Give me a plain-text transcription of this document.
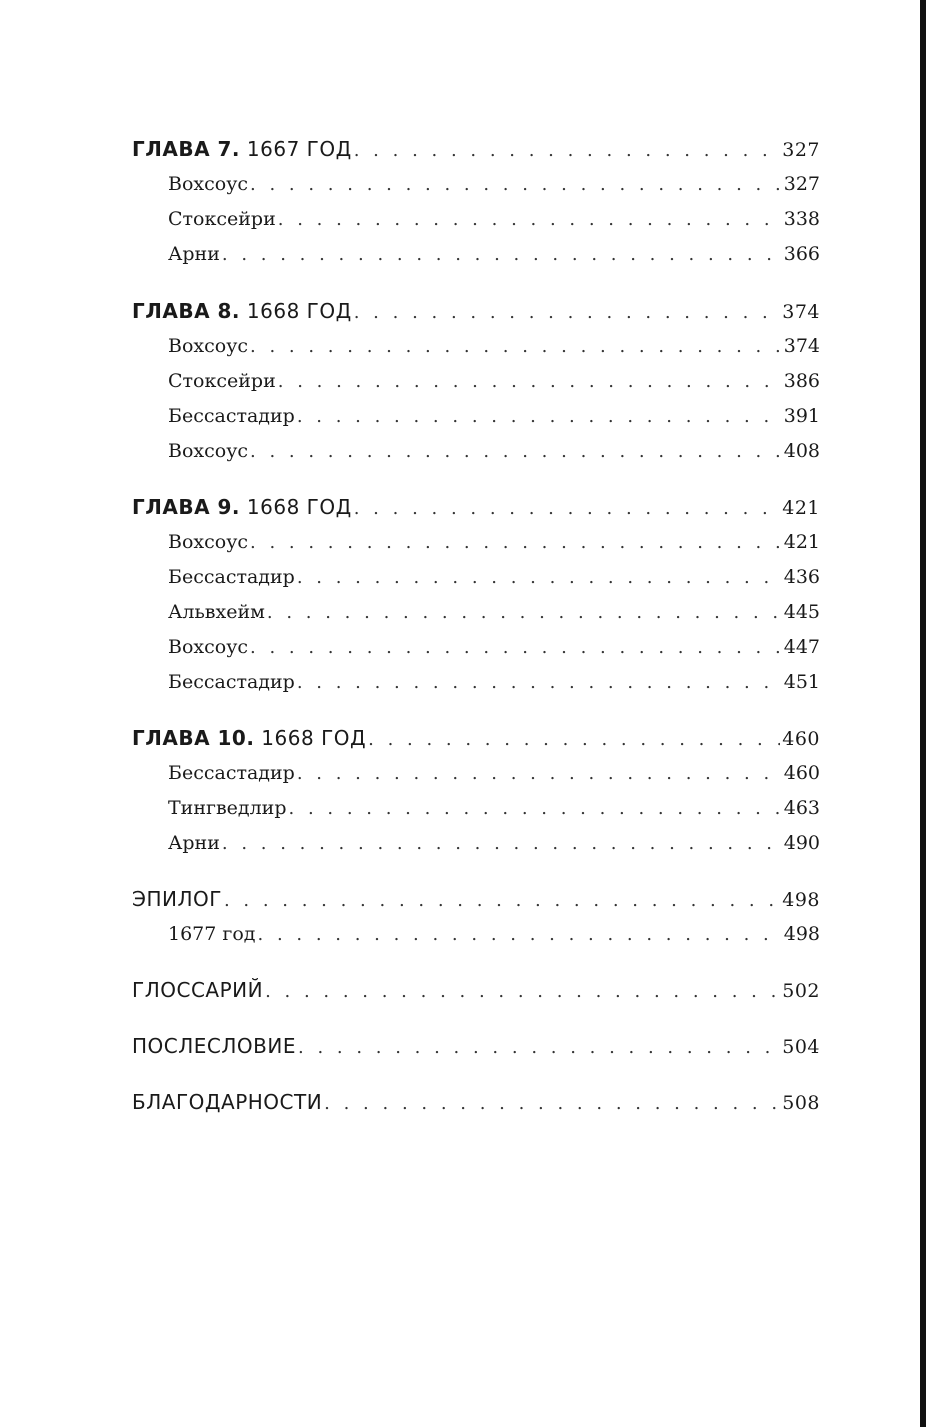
ГЛАВА 7. 1667 ГОД . . .	327
Вохсоус . . .	327
Стоксейри . . .	338
Арни . . .	366
ГЛАВА 8. 1668 ГОД . . .	374
Вохсоус . . .	374
Стоксейри . . .	386
Бессастадир . . .	391
Вохсоус . . .	408
ГЛАВА 9. 1668 ГОД . . .	421
Вохсоус . . .	421
Бессастадир . . .	436
Альвхейм . . .	445
Вохсоус . . .	447
Бессастадир . . .	451
ГЛАВА 10. 1668 ГОД . . .	460
Бессастадир . . .	460
Тингведлир . . .	463
Арни . . .	490
ЭПИЛОГ . . .	498
1677 год . . .	498
ГЛОССАРИЙ . . .	502
ПОСЛЕСЛОВИЕ . . .	504
БЛАГОДАРНОСТИ . . .	508
